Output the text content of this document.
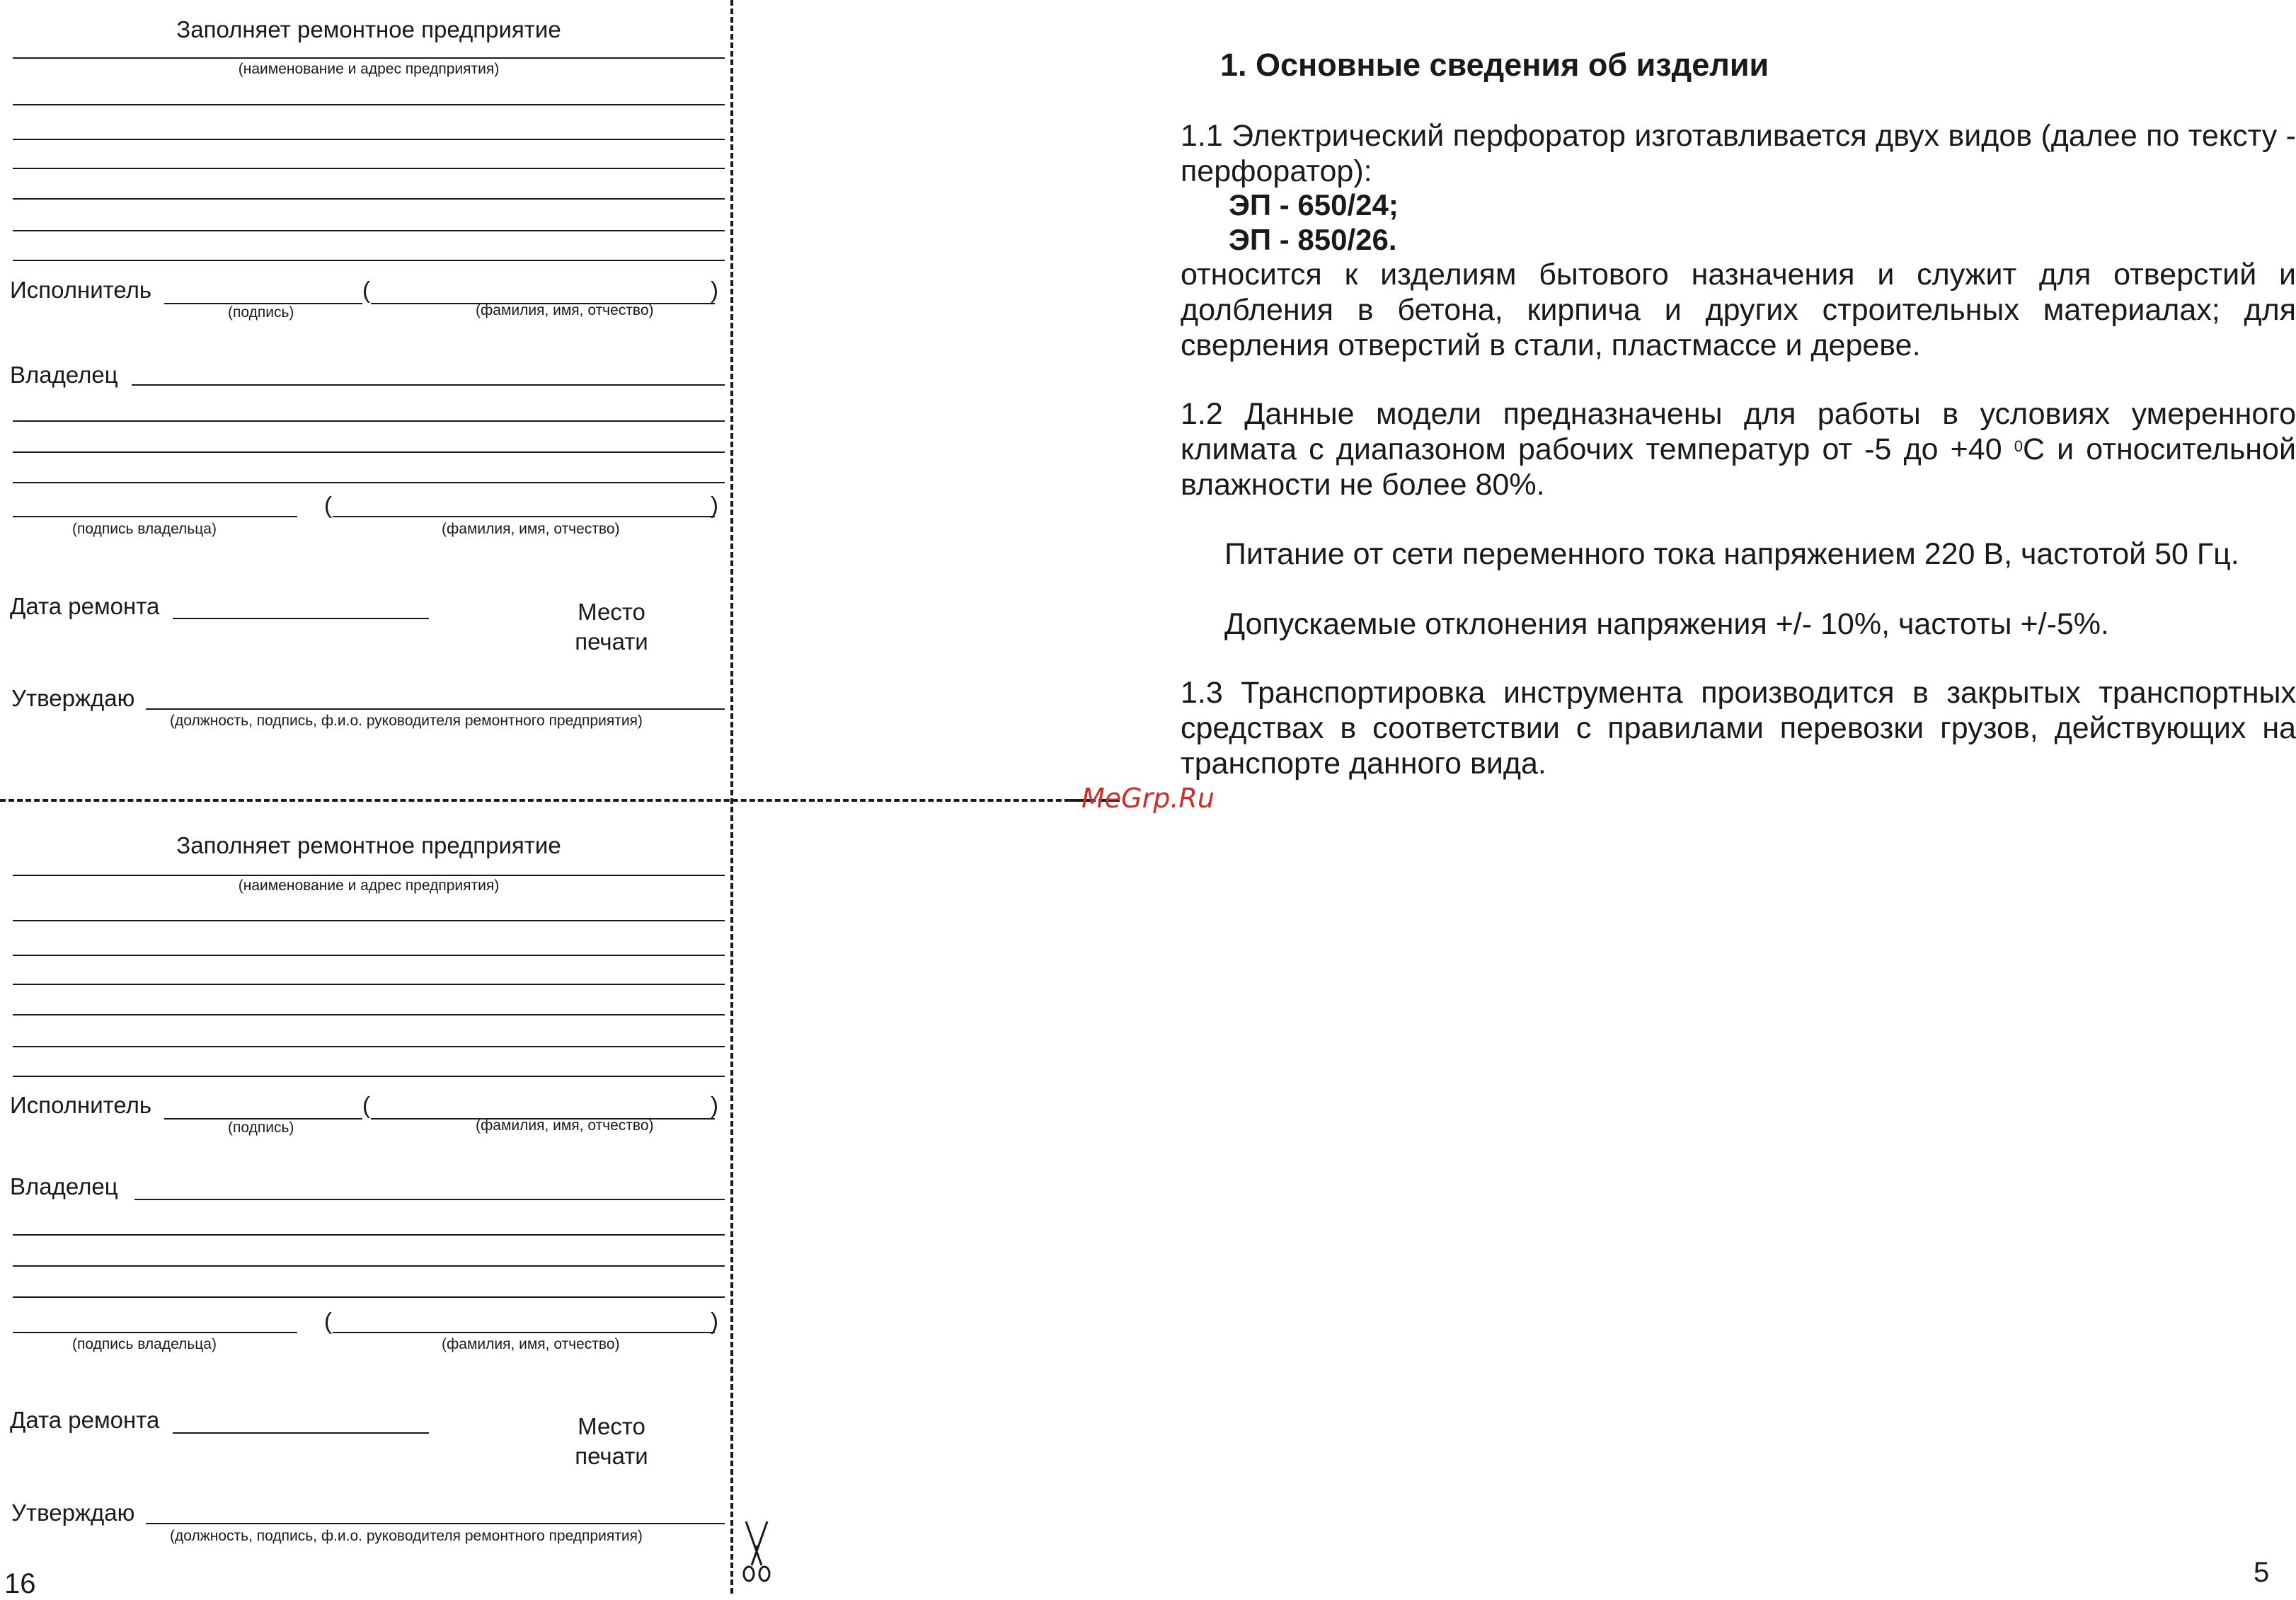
Заполняет ремонтное предприятие
(наименование и адрес предприятия)
Исполнитель	(	)
(подпись)	(фамилия, имя, отчество)
Владелец
(	)
(подпись владельца)	(фамилия, имя, отчество)
Дата ремонта	Место
печати
Утверждаю
(должность, подпись, ф.и.о. руководителя ремонтного предприятия)
Заполняет ремонтное предприятие
(наименование и адрес предприятия)
Исполнитель	(	)
(подпись)	(фамилия, имя, отчество)
Владелец
(	)
(подпись владельца)	(фамилия, имя, отчество)
Дата ремонта	Место
печати
Утверждаю
(должность, подпись, ф.и.о. руководителя ремонтного предприятия)
MeGrp.Ru
1. Основные сведения об изделии

1.1 Электрический перфоратор изготавливается двух видов (далее по тексту - перфоратор):

ЭП - 650/24;
ЭП - 850/26.

относится к изделиям бытового назначения и служит для отверстий и долбления в бетона, кирпича и других строительных материалах; для сверления отверстий в стали, пластмассе и дереве.

1.2 Данные модели предназначены для работы в условиях умеренного климата с диапазоном рабочих температур от -5 до +40 $^0$С и относительной влажности не более 80%.

Питание от сети переменного тока напряжением 220 В, частотой 50 Гц.

Допускаемые отклонения напряжения +/- 10%, частоты +/-5%.

1.3 Транспортировка инструмента производится в закрытых транспортных средствах в соответствии с правилами перевозки грузов, действующих на транспорте данного вида.

16	5
